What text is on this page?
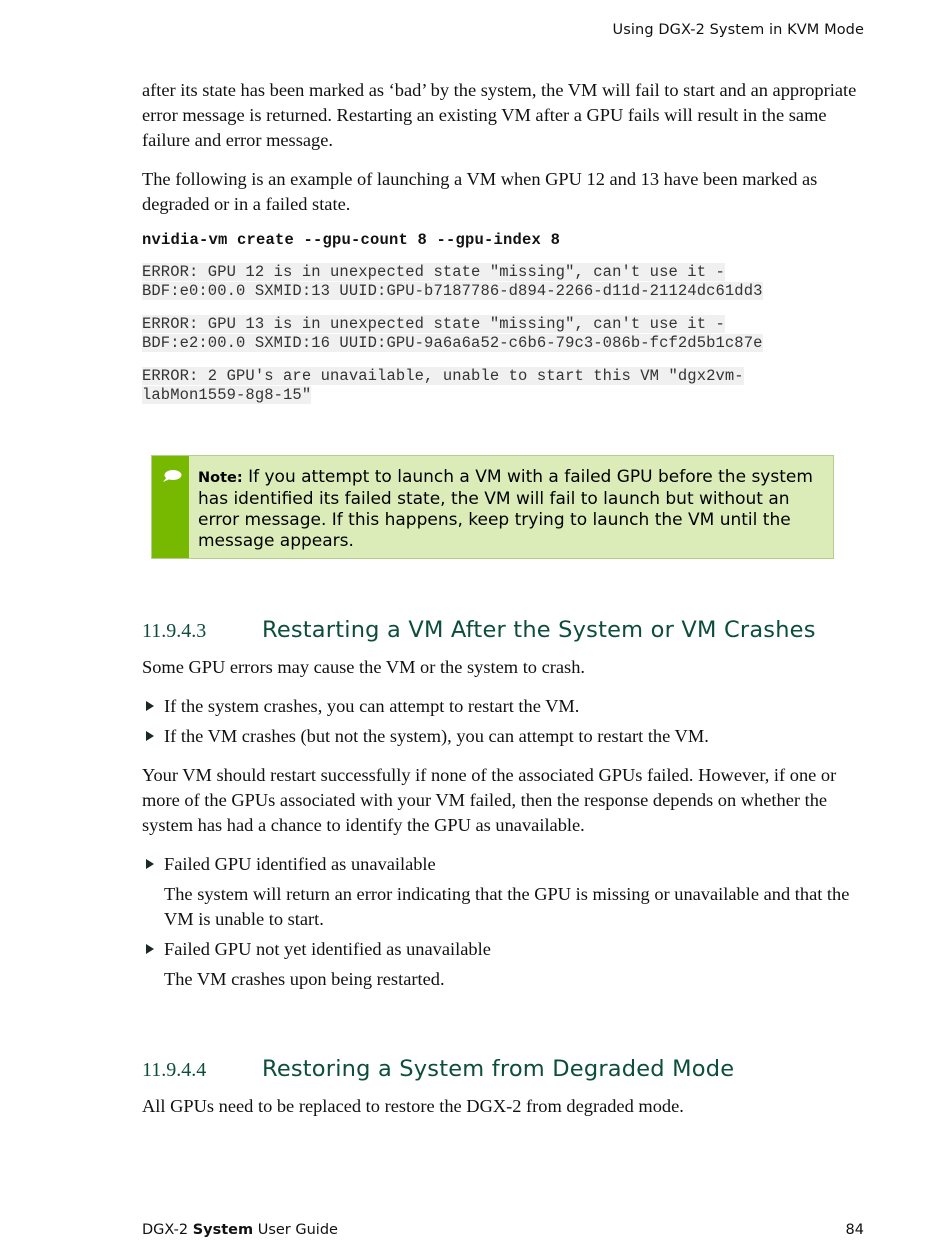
Using DGX-2 System in KVM Mode

after its state has been marked as ‘bad’ by the system, the VM will fail to start and an appropriate error message is returned. Restarting an existing VM after a GPU fails will result in the same failure and error message.

The following is an example of launching a VM when GPU 12 and 13 have been marked as degraded or in a failed state.

nvidia-vm create --gpu-count 8 --gpu-index 8
ERROR: GPU 12 is in unexpected state "missing", can't use it -
BDF:e0:00.0 SXMID:13 UUID:GPU-b7187786-d894-2266-d11d-21124dc61dd3
ERROR: GPU 13 is in unexpected state "missing", can't use it -
BDF:e2:00.0 SXMID:16 UUID:GPU-9a6a6a52-c6b6-79c3-086b-fcf2d5b1c87e
ERROR: 2 GPU's are unavailable, unable to start this VM "dgx2vm-
labMon1559-8g8-15"
Note: If you attempt to launch a VM with a failed GPU before the system has identified its failed state, the VM will fail to launch but without an error message. If this happens, keep trying to launch the VM until the message appears.
11.9.4.3	Restarting a VM After the System or VM Crashes

Some GPU errors may cause the VM or the system to crash.

If the system crashes, you can attempt to restart the VM.
If the VM crashes (but not the system), you can attempt to restart the VM.

Your VM should restart successfully if none of the associated GPUs failed. However, if one or more of the GPUs associated with your VM failed, then the response depends on whether the system has had a chance to identify the GPU as unavailable.

Failed GPU identified as unavailable
The system will return an error indicating that the GPU is missing or unavailable and that the VM is unable to start.
Failed GPU not yet identified as unavailable
The VM crashes upon being restarted.
11.9.4.4	Restoring a System from Degraded Mode

All GPUs need to be replaced to restore the DGX-2 from degraded mode.

DGX-2 System User Guide	84
